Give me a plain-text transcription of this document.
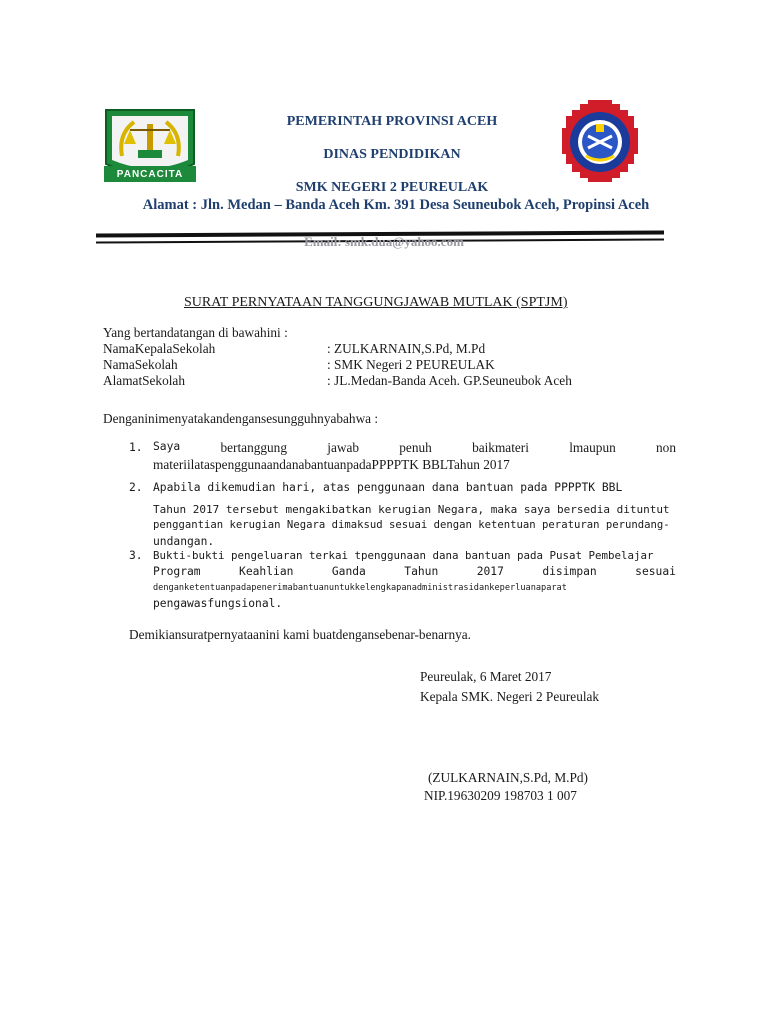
PANCACITA
PEMERINTAH PROVINSI ACEH
DINAS PENDIDIKAN
SMK NEGERI 2 PEUREULAK
Alamat : Jln. Medan – Banda Aceh Km. 391 Desa Seuneubok Aceh, Propinsi Aceh
Email: smk.dua@yahoo.com
SURAT PERNYATAAN TANGGUNGJAWAB MUTLAK (SPTJM)
Yang bertandatangan di bawahini :
NamaKepalaSekolah	: ZULKARNAIN,S.Pd, M.Pd
NamaSekolah	: SMK Negeri 2 PEUREULAK
AlamatSekolah	: JL.Medan-Banda Aceh. GP.Seuneubok Aceh
Denganinimenyatakandengansesungguhnyabahwa :
1. Saya	bertanggung	jawab	penuh	baikmateri	lmaupun	non
materiilataspenggunaandanabantuanpadaPPPPTK BBLTahun 2017
2. Apabila dikemudian hari, atas penggunaan dana bantuan pada PPPPTK BBL
Tahun 2017 tersebut mengakibatkan kerugian Negara, maka saya bersedia dituntut
penggantian kerugian Negara dimaksud sesuai dengan ketentuan peraturan perundang-
undangan.
3. Bukti-bukti pengeluaran terkai tpenggunaan dana bantuan pada Pusat Pembelajar
Program	Keahlian	Ganda	Tahun	2017	disimpan	sesuai
denganketentuanpadapenerimabantuanuntukkelengkapanadministrasidankeperluanaparat
pengawasfungsional.
Demikiansuratpernyataanini kami buatdengansebenar-benarnya.
Peureulak, 6 Maret 2017
Kepala SMK. Negeri 2 Peureulak
(ZULKARNAIN,S.Pd, M.Pd)
NIP.19630209 198703 1 007
